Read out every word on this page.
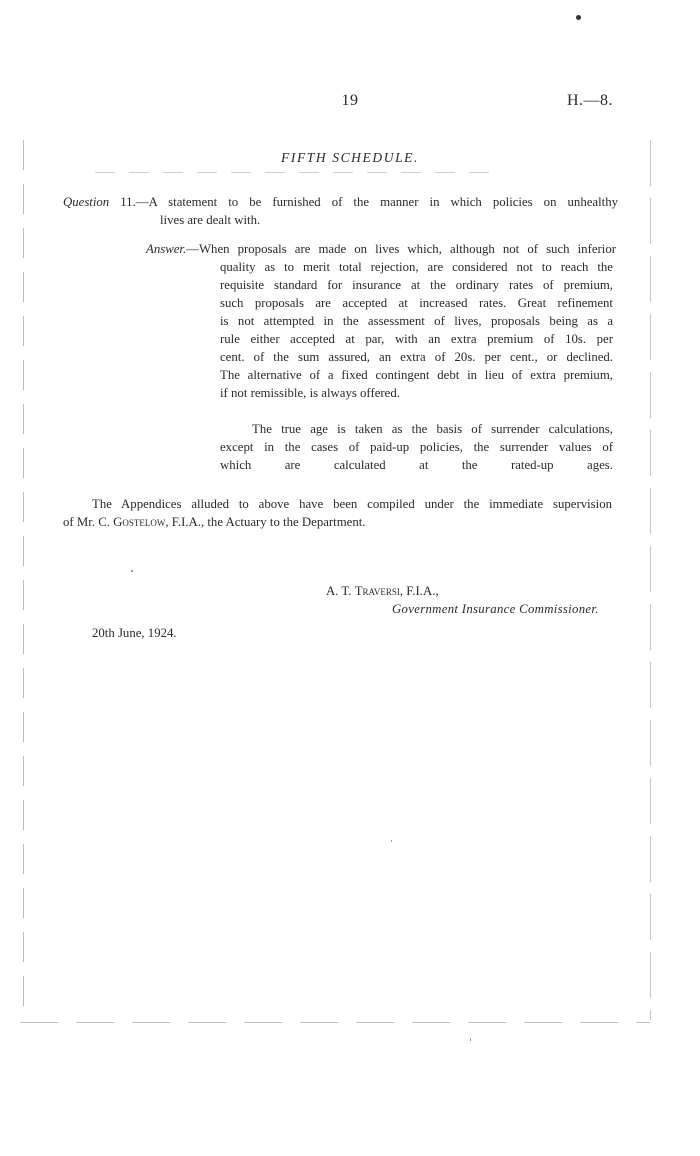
19	H.—8.
FIFTH SCHEDULE.
Question 11.—A statement to be furnished of the manner in which policies on unhealthy
lives are dealt with.
Answer.—When proposals are made on lives which, although not of such inferior
quality as to merit total rejection, are considered not to reach the
requisite standard for insurance at the ordinary rates of premium,
such proposals are accepted at increased rates. Great refinement
is not attempted in the assessment of lives, proposals being as a
rule either accepted at par, with an extra premium of 10s. per
cent. of the sum assured, an extra of 20s. per cent., or declined.
The alternative of a fixed contingent debt in lieu of extra premium,
if not remissible, is always offered.
The true age is taken as the basis of surrender calculations,
except in the cases of paid-up policies, the surrender values of
which are calculated at the rated-up ages.
The Appendices alluded to above have been compiled under the immediate supervision
of Mr. C. Gostelow, F.I.A., the Actuary to the Department.
A. T. Traversi, F.I.A.,
Government Insurance Commissioner.
20th June, 1924.
